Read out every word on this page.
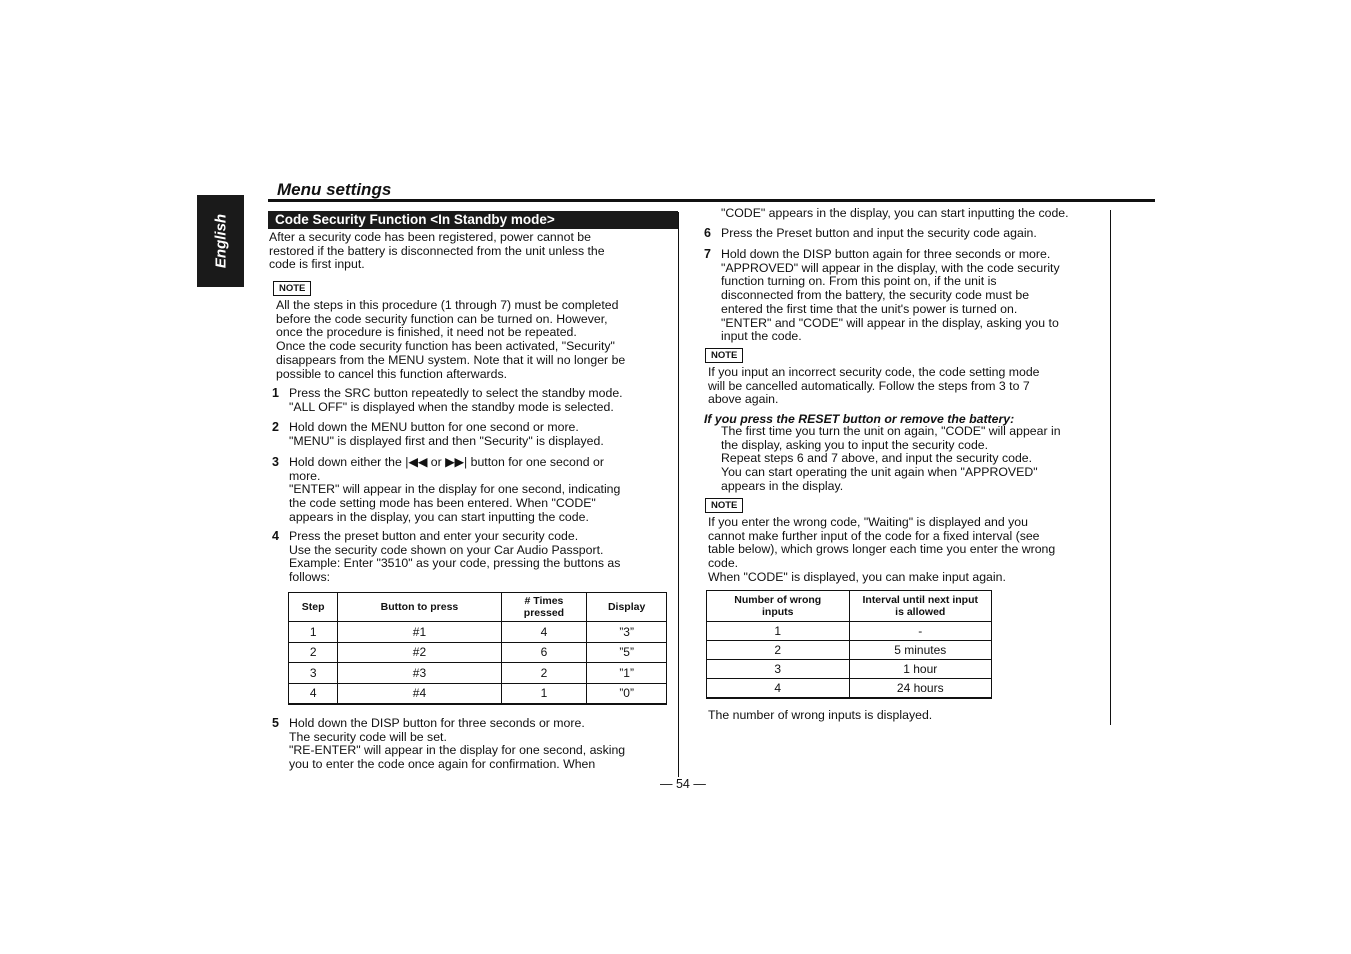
English
Menu settings
Code Security Function <In Standby mode>
After a security code has been registered, power cannot be
restored if the battery is disconnected from the unit unless the
code is first input.
NOTE
All the steps in this procedure (1 through 7) must be completed
before the code security function can be turned on. However,
once the procedure is finished, it need not be repeated.
Once the code security function has been activated, "Security"
disappears from the MENU system. Note that it will no longer be
possible to cancel this function afterwards.
1 Press the SRC button repeatedly to select the standby mode.
"ALL OFF" is displayed when the standby mode is selected.
2 Hold down the MENU button for one second or more.
"MENU" is displayed first and then "Security" is displayed.
3 Hold down either the |◀◀ or ▶▶| button for one second or
more.
"ENTER" will appear in the display for one second, indicating
the code setting mode has been entered. When "CODE"
appears in the display, you can start inputting the code.
4 Press the preset button and enter your security code.
Use the security code shown on your Car Audio Passport.
Example: Enter "3510" as your code, pressing the buttons as
follows:
Step	Button to press	# Times
pressed	Display
1	#1	4	”3”
2	#2	6	”5”
3	#3	2	”1”
4	#4	1	”0”
5 Hold down the DISP button for three seconds or more.
The security code will be set.
"RE-ENTER" will appear in the display for one second, asking
you to enter the code once again for confirmation. When
"CODE" appears in the display, you can start inputting the code.
6 Press the Preset button and input the security code again.
7 Hold down the DISP button again for three seconds or more.
"APPROVED" will appear in the display, with the code security
function turning on. From this point on, if the unit is
disconnected from the battery, the security code must be
entered the first time that the unit's power is turned on.
"ENTER" and "CODE" will appear in the display, asking you to
input the code.
NOTE
If you input an incorrect security code, the code setting mode
will be cancelled automatically. Follow the steps from 3 to 7
above again.
If you press the RESET button or remove the battery:
The first time you turn the unit on again, "CODE" will appear in
the display, asking you to input the security code.
Repeat steps 6 and 7 above, and input the security code.
You can start operating the unit again when "APPROVED"
appears in the display.
NOTE
If you enter the wrong code, "Waiting" is displayed and you
cannot make further input of the code for a fixed interval (see
table below), which grows longer each time you enter the wrong
code.
When "CODE" is displayed, you can make input again.
Number of wrong
inputs	Interval until next input
is allowed
1	-
2	5 minutes
3	1 hour
4	24 hours
The number of wrong inputs is displayed.
— 54 —
